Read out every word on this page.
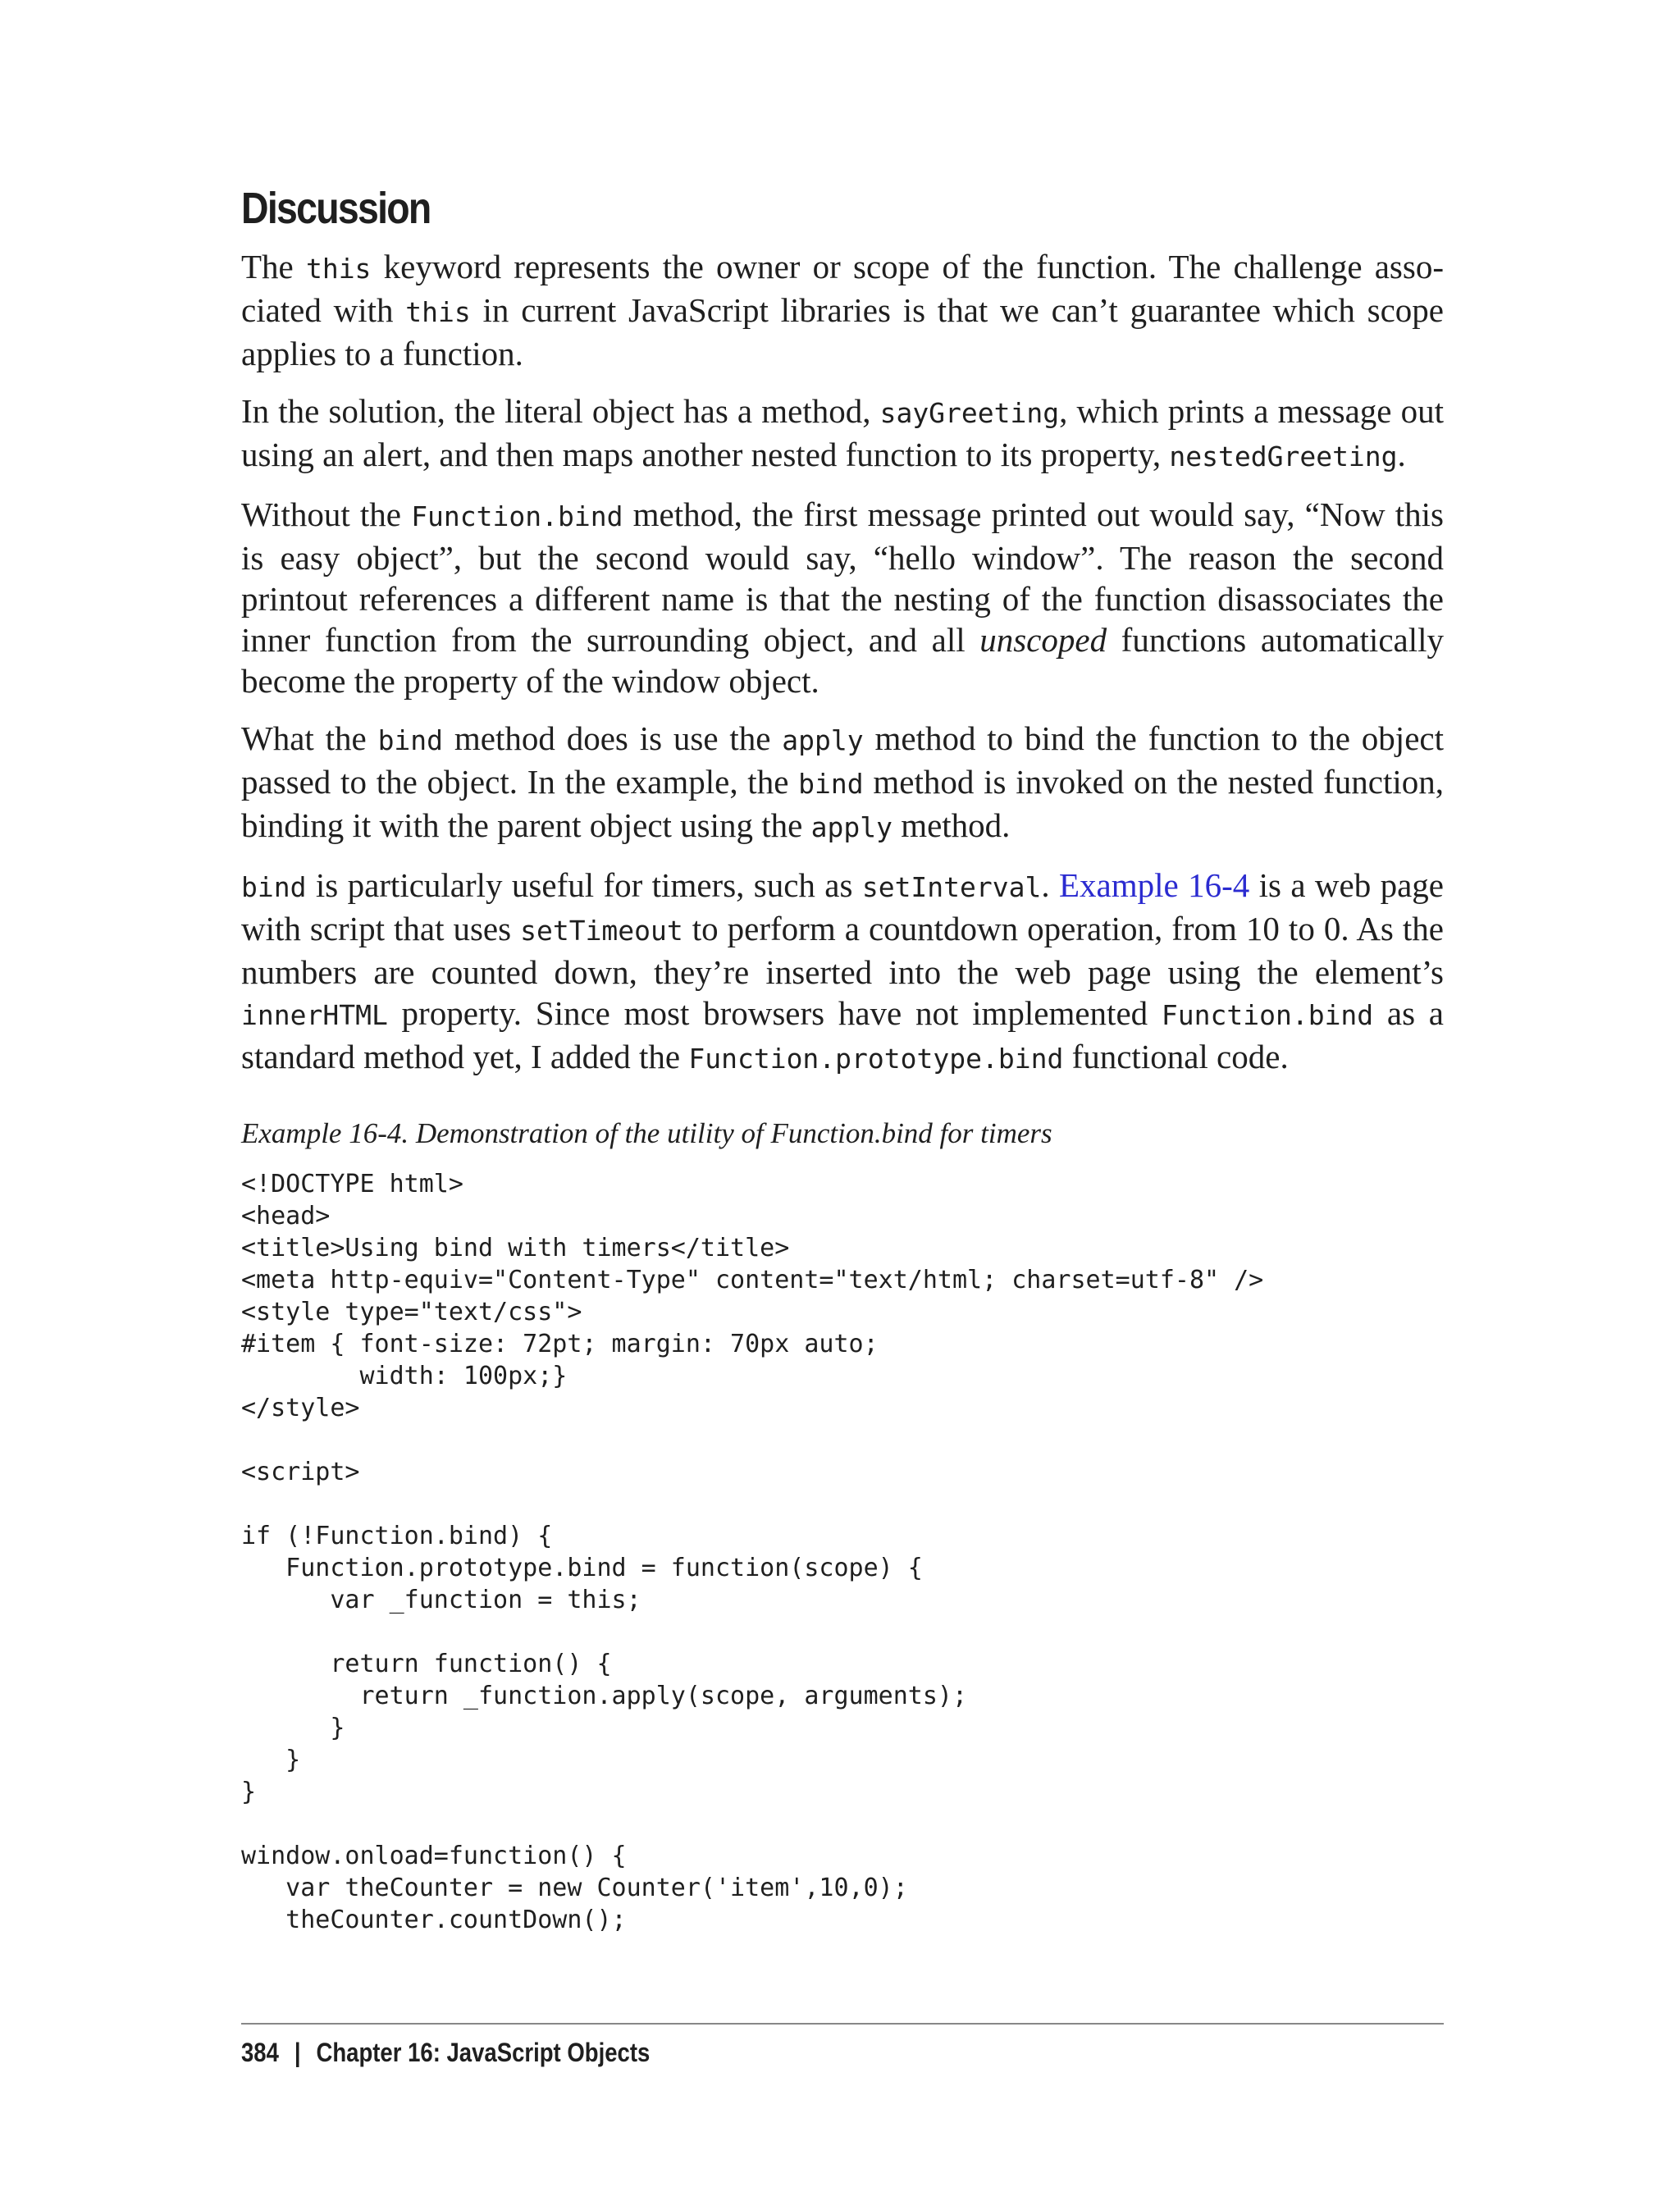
Discussion

The this keyword represents the owner or scope of the function. The challenge asso-ciated with this in current JavaScript libraries is that we can’t guarantee which scope applies to a function.

In the solution, the literal object has a method, sayGreeting, which prints a message out using an alert, and then maps another nested function to its property, nestedGreeting.

Without the Function.bind method, the first message printed out would say, “Now this is easy object”, but the second would say, “hello window”. The reason the second printout references a different name is that the nesting of the function disassociates the inner function from the surrounding object, and all unscoped functions automatically become the property of the window object.

What the bind method does is use the apply method to bind the function to the object passed to the object. In the example, the bind method is invoked on the nested function, binding it with the parent object using the apply method.

bind is particularly useful for timers, such as setInterval. Example 16-4 is a web page with script that uses setTimeout to perform a countdown operation, from 10 to 0. As the numbers are counted down, they’re inserted into the web page using the element’s innerHTML property. Since most browsers have not implemented Function.bind as a standard method yet, I added the Function.prototype.bind functional code.

Example 16-4. Demonstration of the utility of Function.bind for timers
<!DOCTYPE html>
<head>
<title>Using bind with timers</title>
<meta http-equiv="Content-Type" content="text/html; charset=utf-8" />
<style type="text/css">
#item { font-size: 72pt; margin: 70px auto;
width: 100px;}
</style>

<script>

if (!Function.bind) {
Function.prototype.bind = function(scope) {
var _function = this;

return function() {
return _function.apply(scope, arguments);
}
}
}

window.onload=function() {
var theCounter = new Counter('item',10,0);
theCounter.countDown();
384 | Chapter 16: JavaScript Objects
